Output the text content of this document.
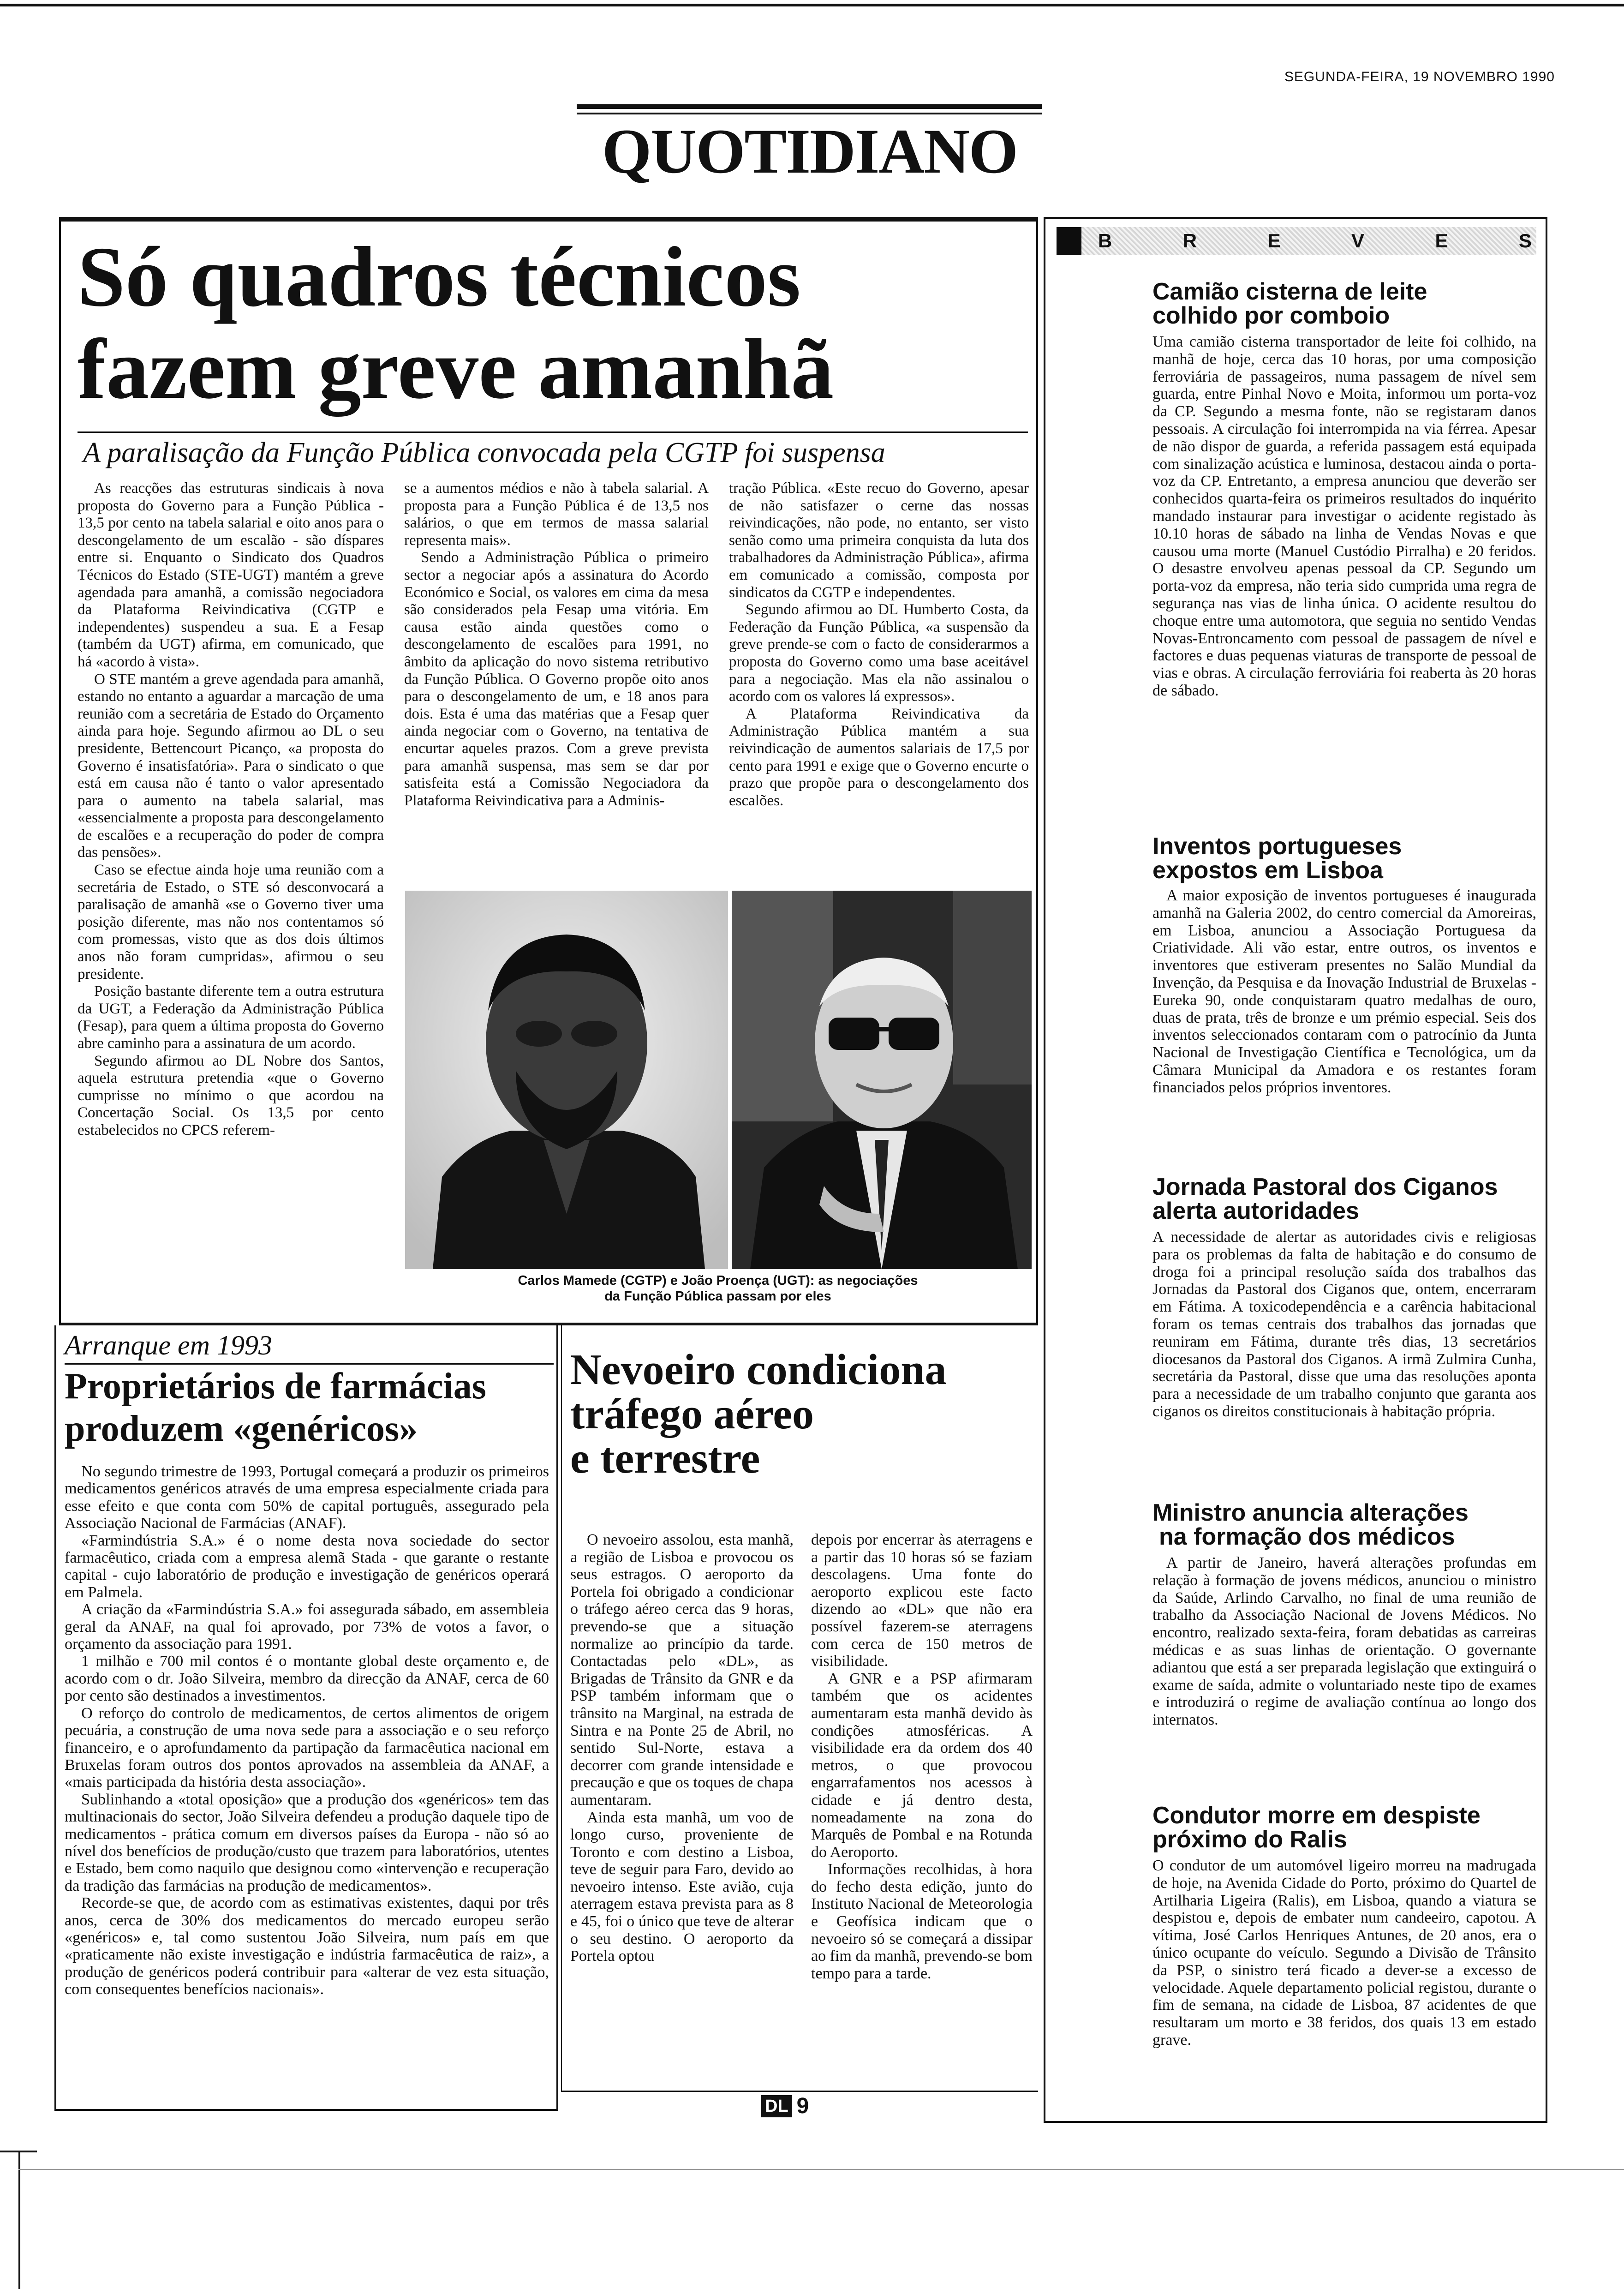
SEGUNDA-FEIRA, 19 NOVEMBRO 1990
QUOTIDIANO
Só quadros técnicos
fazem greve amanhã
A paralisação da Função Pública convocada pela CGTP foi suspensa

As reacções das estruturas sindicais à nova proposta do Governo para a Função Pública - 13,5 por cento na tabela salarial e oito anos para o descongelamento de um escalão - são díspares entre si. Enquanto o Sindicato dos Quadros Técnicos do Estado (STE-UGT) mantém a greve agendada para amanhã, a comissão negociadora da Plataforma Reivindicativa (CGTP e independentes) suspendeu a sua. E a Fesap (também da UGT) afirma, em comunicado, que há «acordo à vista».

O STE mantém a greve agendada para amanhã, estando no entanto a aguardar a marcação de uma reunião com a secretária de Estado do Orçamento ainda para hoje. Segundo afirmou ao DL o seu presidente, Bettencourt Picanço, «a proposta do Governo é insatisfatória». Para o sindicato o que está em causa não é tanto o valor apresentado para o aumento na tabela salarial, mas «essencialmente a proposta para descongelamento de escalões e a recuperação do poder de compra das pensões».

Caso se efectue ainda hoje uma reunião com a secretária de Estado, o STE só desconvocará a paralisação de amanhã «se o Governo tiver uma posição diferente, mas não nos contentamos só com promessas, visto que as dos dois últimos anos não foram cumpridas», afirmou o seu presidente.

Posição bastante diferente tem a outra estrutura da UGT, a Federação da Administração Pública (Fesap), para quem a última proposta do Governo abre caminho para a assinatura de um acordo.

Segundo afirmou ao DL Nobre dos Santos, aquela estrutura pretendia «que o Governo cumprisse no mínimo o que acordou na Concertação Social. Os 13,5 por cento estabelecidos no CPCS referem-

se a aumentos médios e não à tabela salarial. A proposta para a Função Pública é de 13,5 nos salários, o que em termos de massa salarial representa mais».

Sendo a Administração Pública o primeiro sector a negociar após a assinatura do Acordo Económico e Social, os valores em cima da mesa são considerados pela Fesap uma vitória. Em causa estão ainda questões como o descongelamento de escalões para 1991, no âmbito da aplicação do novo sistema retributivo da Função Pública. O Governo propõe oito anos para o descongelamento de um, e 18 anos para dois. Esta é uma das matérias que a Fesap quer ainda negociar com o Governo, na tentativa de encurtar aqueles prazos. Com a greve prevista para amanhã suspensa, mas sem se dar por satisfeita está a Comissão Negociadora da Plataforma Reivindicativa para a Adminis-

tração Pública. «Este recuo do Governo, apesar de não satisfazer o cerne das nossas reivindicações, não pode, no entanto, ser visto senão como uma primeira conquista da luta dos trabalhadores da Administração Pública», afirma em comunicado a comissão, composta por sindicatos da CGTP e independentes.

Segundo afirmou ao DL Humberto Costa, da Federação da Função Pública, «a suspensão da greve prende-se com o facto de considerarmos a proposta do Governo como uma base aceitável para a negociação. Mas ela não assinalou o acordo com os valores lá expressos».

A Plataforma Reivindicativa da Administração Pública mantém a sua reivindicação de aumentos salariais de 17,5 por cento para 1991 e exige que o Governo encurte o prazo que propõe para o descongelamento dos escalões.

Carlos Mamede (CGTP) e João Proença (UGT): as negociações
da Função Pública passam por eles
Arranque em 1993
Proprietários de farmácias
produzem «genéricos»

No segundo trimestre de 1993, Portugal começará a produzir os primeiros medicamentos genéricos através de uma empresa especialmente criada para esse efeito e que conta com 50% de capital português, assegurado pela Associação Nacional de Farmácias (ANAF).

«Farmindústria S.A.» é o nome desta nova sociedade do sector farmacêutico, criada com a empresa alemã Stada - que garante o restante capital - cujo laboratório de produção e investigação de genéricos operará em Palmela.

A criação da «Farmindústria S.A.» foi assegurada sábado, em assembleia geral da ANAF, na qual foi aprovado, por 73% de votos a favor, o orçamento da associação para 1991.

1 milhão e 700 mil contos é o montante global deste orçamento e, de acordo com o dr. João Silveira, membro da direcção da ANAF, cerca de 60 por cento são destinados a investimentos.

O reforço do controlo de medicamentos, de certos alimentos de origem pecuária, a construção de uma nova sede para a associação e o seu reforço financeiro, e o aprofundamento da partipação da farmacêutica nacional em Bruxelas foram outros dos pontos aprovados na assembleia da ANAF, a «mais participada da história desta associação».

Sublinhando a «total oposição» que a produção dos «genéricos» tem das multinacionais do sector, João Silveira defendeu a produção daquele tipo de medicamentos - prática comum em diversos países da Europa - não só ao nível dos benefícios de produção/custo que trazem para laboratórios, utentes e Estado, bem como naquilo que designou como «intervenção e recuperação da tradição das farmácias na produção de medicamentos».

Recorde-se que, de acordo com as estimativas existentes, daqui por três anos, cerca de 30% dos medicamentos do mercado europeu serão «genéricos» e, tal como sustentou João Silveira, num país em que «praticamente não existe investigação e indústria farmacêutica de raiz», a produção de genéricos poderá contribuir para «alterar de vez esta situação, com consequentes benefícios nacionais».

Nevoeiro condiciona
tráfego aéreo
e terrestre

O nevoeiro assolou, esta manhã, a região de Lisboa e provocou os seus estragos. O aeroporto da Portela foi obrigado a condicionar o tráfego aéreo cerca das 9 horas, prevendo-se que a situação normalize ao princípio da tarde. Contactadas pelo «DL», as Brigadas de Trânsito da GNR e da PSP também informam que o trânsito na Marginal, na estrada de Sintra e na Ponte 25 de Abril, no sentido Sul-Norte, estava a decorrer com grande intensidade e precaução e que os toques de chapa aumentaram.

Ainda esta manhã, um voo de longo curso, proveniente de Toronto e com destino a Lisboa, teve de seguir para Faro, devido ao nevoeiro intenso. Este avião, cuja aterragem estava prevista para as 8 e 45, foi o único que teve de alterar o seu destino. O aeroporto da Portela optou

depois por encerrar às aterragens e a partir das 10 horas só se faziam descolagens. Uma fonte do aeroporto explicou este facto dizendo ao «DL» que não era possível fazerem-se aterragens com cerca de 150 metros de visibilidade.

A GNR e a PSP afirmaram também que os acidentes aumentaram esta manhã devido às condições atmosféricas. A visibilidade era da ordem dos 40 metros, o que provocou engarrafamentos nos acessos à cidade e já dentro desta, nomeadamente na zona do Marquês de Pombal e na Rotunda do Aeroporto.

Informações recolhidas, à hora do fecho desta edição, junto do Instituto Nacional de Meteorologia e Geofísica indicam que o nevoeiro só se começará a dissipar ao fim da manhã, prevendo-se bom tempo para a tarde.

DL 9
B	R	E	V	E	S
Camião cisterna de leite
colhido por comboio

Uma camião cisterna transportador de leite foi colhido, na manhã de hoje, cerca das 10 horas, por uma composição ferroviária de passageiros, numa passagem de nível sem guarda, entre Pinhal Novo e Moita, informou um porta-voz da CP. Segundo a mesma fonte, não se registaram danos pessoais. A circulação foi interrompida na via férrea. Apesar de não dispor de guarda, a referida passagem está equipada com sinalização acústica e luminosa, destacou ainda o porta-voz da CP. Entretanto, a empresa anunciou que deverão ser conhecidos quarta-feira os primeiros resultados do inquérito mandado instaurar para investigar o acidente registado às 10.10 horas de sábado na linha de Vendas Novas e que causou uma morte (Manuel Custódio Pirralha) e 20 feridos. O desastre envolveu apenas pessoal da CP. Segundo um porta-voz da empresa, não teria sido cumprida uma regra de segurança nas vias de linha única. O acidente resultou do choque entre uma automotora, que seguia no sentido Vendas Novas-Entroncamento com pessoal de passagem de nível e factores e duas pequenas viaturas de transporte de pessoal de vias e obras. A circulação ferroviária foi reaberta às 20 horas de sábado.

Inventos portugueses
expostos em Lisboa

A maior exposição de inventos portugueses é inaugurada amanhã na Galeria 2002, do centro comercial da Amoreiras, em Lisboa, anunciou a Associação Portuguesa da Criatividade. Ali vão estar, entre outros, os inventos e inventores que estiveram presentes no Salão Mundial da Invenção, da Pesquisa e da Inovação Industrial de Bruxelas - Eureka 90, onde conquistaram quatro medalhas de ouro, duas de prata, três de bronze e um prémio especial. Seis dos inventos seleccionados contaram com o patrocínio da Junta Nacional de Investigação Científica e Tecnológica, um da Câmara Municipal da Amadora e os restantes foram financiados pelos próprios inventores.

Jornada Pastoral dos Ciganos
alerta autoridades

A necessidade de alertar as autoridades civis e religiosas para os problemas da falta de habitação e do consumo de droga foi a principal resolução saída dos trabalhos das Jornadas da Pastoral dos Ciganos que, ontem, encerraram em Fátima. A toxicodependência e a carência habitacional foram os temas centrais dos trabalhos das jornadas que reuniram em Fátima, durante três dias, 13 secretários diocesanos da Pastoral dos Ciganos. A irmã Zulmira Cunha, secretária da Pastoral, disse que uma das resoluções aponta para a necessidade de um trabalho conjunto que garanta aos ciganos os direitos constitucionais à habitação própria.

Ministro anuncia alterações
na formação dos médicos

A partir de Janeiro, haverá alterações profundas em relação à formação de jovens médicos, anunciou o ministro da Saúde, Arlindo Carvalho, no final de uma reunião de trabalho da Associação Nacional de Jovens Médicos. No encontro, realizado sexta-feira, foram debatidas as carreiras médicas e as suas linhas de orientação. O governante adiantou que está a ser preparada legislação que extinguirá o exame de saída, admite o voluntariado neste tipo de exames e introduzirá o regime de avaliação contínua ao longo dos internatos.

Condutor morre em despiste
próximo do Ralis

O condutor de um automóvel ligeiro morreu na madrugada de hoje, na Avenida Cidade do Porto, próximo do Quartel de Artilharia Ligeira (Ralis), em Lisboa, quando a viatura se despistou e, depois de embater num candeeiro, capotou. A vítima, José Carlos Henriques Antunes, de 20 anos, era o único ocupante do veículo. Segundo a Divisão de Trânsito da PSP, o sinistro terá ficado a dever-se a excesso de velocidade. Aquele departamento policial registou, durante o fim de semana, na cidade de Lisboa, 87 acidentes de que resultaram um morto e 38 feridos, dos quais 13 em estado grave.
